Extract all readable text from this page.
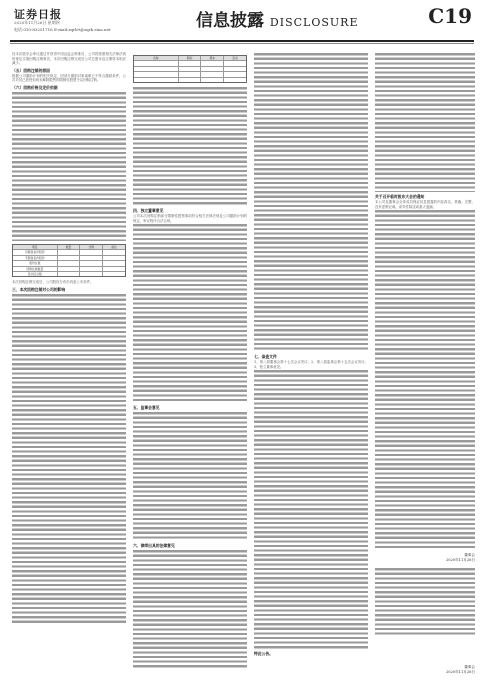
证券日报
2020年11月26日 星期四
电话:010-83251716 E-mail:zqrb9@zqrb.sina.net	信息披露 DISCLOSURE	C19
经本次股东会审议通过并获得中国证监会核准后，公司将按照相关法律法规的规定实施回购注销事宜，本次回购注销完成后公司总股本及注册资本相应减少。
（五）回购注销的原因
根据公司激励计划的相关规定，因部分激励对象离职已不符合激励条件，公司对其已获授但尚未解除限售的限制性股票予以回购注销。
（六）回购价格及定价依据
项目	数量	比例	备注
有限售条件股份
无限售条件股份
股份总数
回购注销数量
变动后总数
本次回购注销完成后，公司股权分布仍具备上市条件。
三、本次回购注销对公司的影响
名称	期初	期末	变动
四、独立董事意见
公司本次回购注销部分限制性股票事项符合相关法律法规及公司激励计划的规定，审议程序合法合规。
五、监事会意见
六、律师出具的法律意见
七、备查文件
1、第八届董事会第十七次会议决议；2、第八届监事会第十五次会议决议；3、独立董事意见。
特此公告。
关于召开临时股东大会的通知
本公司及董事会全体成员保证信息披露的内容真实、准确、完整，没有虚假记载、误导性陈述或重大遗漏。
董事会
2020年11月26日
董事会
2020年11月26日
